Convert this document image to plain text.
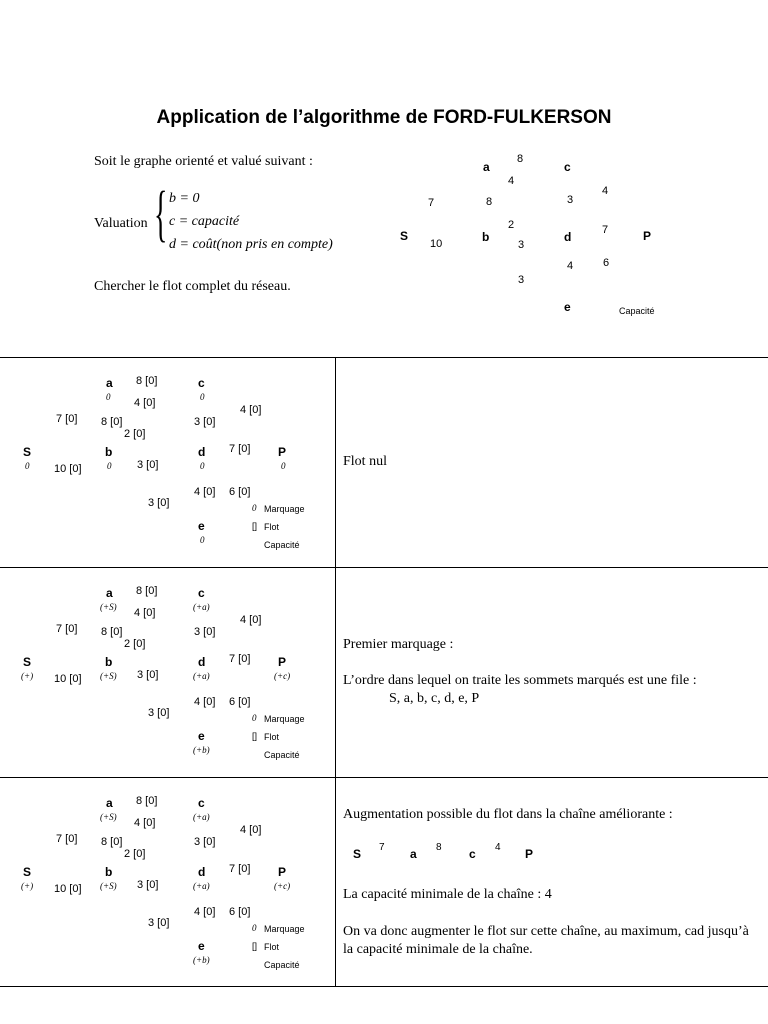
Application de l’algorithme de FORD-FULKERSON
Soit le graphe orienté et valué suivant :
Valuation { b = 0
c = capacité
d = coût(non pris en compte)
Chercher le flot complet du réseau.
a	c
S	b	d	P
e
8
4
7	8	3
4
2	7
10	3
4	6
3
Capacité
a
0
8 [0]	c
0
4 [0]
4 [0]
7 [0] 8 [0]	3 [0]
2 [0]
S
0
b
0
d
0
7 [0] P
0
10 [0]	3 [0]
4 [0] 6 [0]
3 [0]	0 Marquage
e
0
[] Flot
Capacité
a
(+S)
8 [0]	c
(+a)
4 [0]
4 [0]
7 [0] 8 [0]	3 [0]
2 [0]
S
(+)
b
(+S)
d
(+a)
7 [0] P
(+c)
10 [0]	3 [0]
4 [0] 6 [0]
3 [0]	0 Marquage
e
(+b)
[] Flot
Capacité
a
(+S)
8 [0]	c
(+a)
4 [0]
4 [0]
7 [0] 8 [0]	3 [0]
2 [0]
S
(+)
b
(+S)
d
(+a)
7 [0] P
(+c)
10 [0]	3 [0]
4 [0] 6 [0]
3 [0]	0 Marquage
e
(+b)
[] Flot
Capacité
Flot nul
Premier marquage :
L’ordre dans lequel on traite les sommets marqués est une file :
S, a, b, c, d, e, P
Augmentation possible du flot dans la chaîne améliorante :
S 7 a 8 c 4 P
La capacité minimale de la chaîne : 4
On va donc augmenter le flot sur cette chaîne, au maximum, cad jusqu’à la capacité minimale de la chaîne.
